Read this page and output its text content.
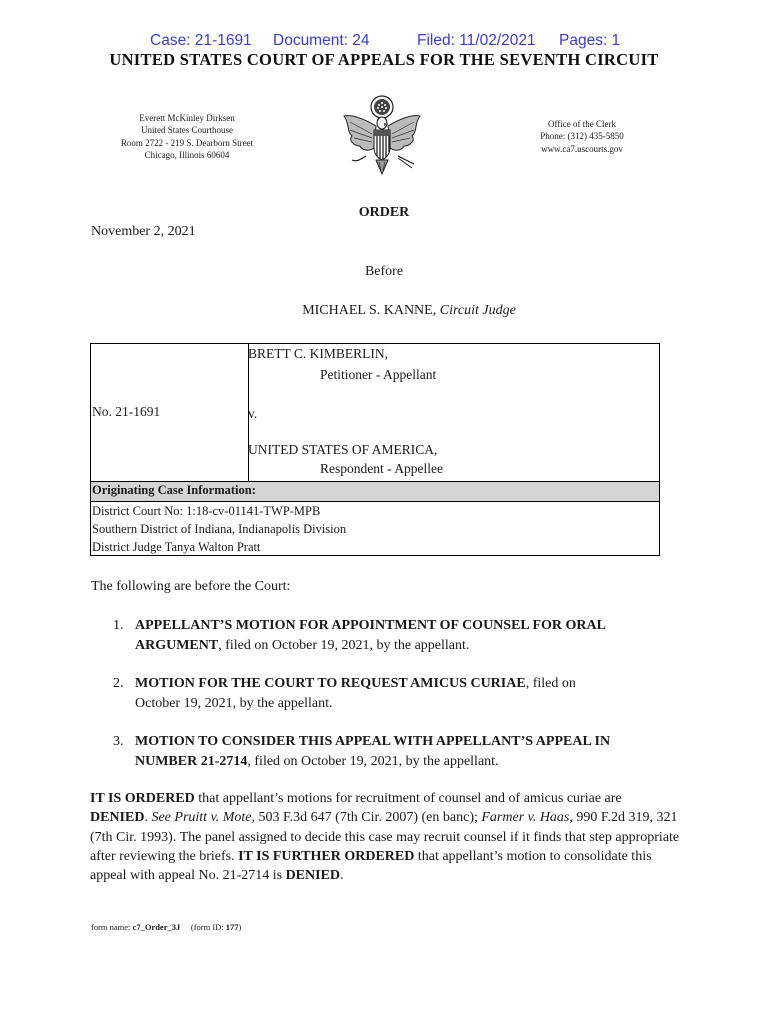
Case: 21-1691 Document: 24	Filed: 11/02/2021 Pages: 1
UNITED STATES COURT OF APPEALS FOR THE SEVENTH CIRCUIT
Everett McKinley Dirksen
United States Courthouse
Room 2722 - 219 S. Dearborn Street
Chicago, Illinois 60604
Office of the Clerk
Phone: (312) 435-5850
www.ca7.uscourts.gov
ORDER
November 2, 2021
Before
MICHAEL S. KANNE, Circuit Judge
BRETT C. KIMBERLIN,
Petitioner - Appellant
No. 21-1691	v.
UNITED STATES OF AMERICA,
Respondent - Appellee
Originating Case Information:
District Court No: 1:18-cv-01141-TWP-MPB
Southern District of Indiana, Indianapolis Division
District Judge Tanya Walton Pratt
The following are before the Court:
1. APPELLANT’S MOTION FOR APPOINTMENT OF COUNSEL FOR ORAL
ARGUMENT, filed on October 19, 2021, by the appellant.
2. MOTION FOR THE COURT TO REQUEST AMICUS CURIAE, filed on
October 19, 2021, by the appellant.
3. MOTION TO CONSIDER THIS APPEAL WITH APPELLANT’S APPEAL IN
NUMBER 21-2714, filed on October 19, 2021, by the appellant.
IT IS ORDERED that appellant’s motions for recruitment of counsel and of amicus curiae are DENIED. See Pruitt v. Mote, 503 F.3d 647 (7th Cir. 2007) (en banc); Farmer v. Haas, 990 F.2d 319, 321 (7th Cir. 1993). The panel assigned to decide this case may recruit counsel if it finds that step appropriate after reviewing the briefs. IT IS FURTHER ORDERED that appellant’s motion to consolidate this appeal with appeal No. 21-2714 is DENIED.
form name: c7_Order_3J (form ID: 177)
